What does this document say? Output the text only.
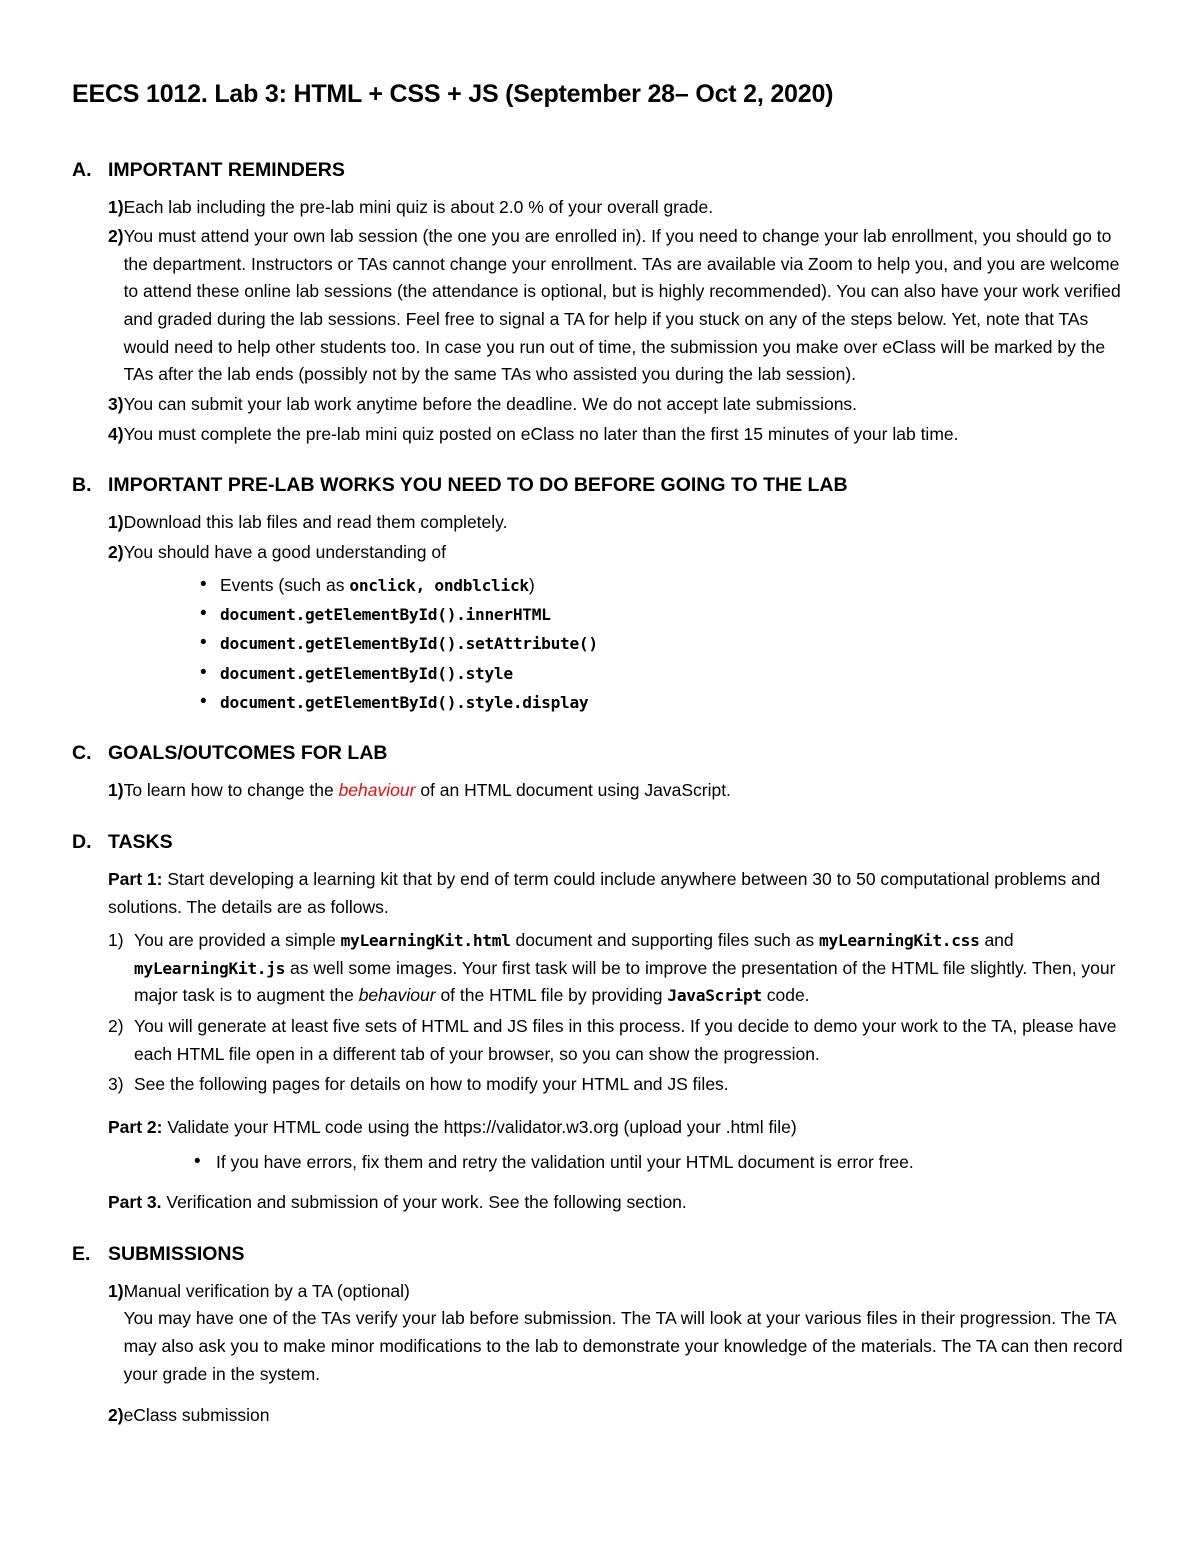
EECS 1012. Lab 3: HTML + CSS + JS (September 28– Oct 2, 2020)
A. IMPORTANT REMINDERS
1) Each lab including the pre-lab mini quiz is about 2.0 % of your overall grade.
2) You must attend your own lab session (the one you are enrolled in). If you need to change your lab enrollment, you should go to the department. Instructors or TAs cannot change your enrollment. TAs are available via Zoom to help you, and you are welcome to attend these online lab sessions (the attendance is optional, but is highly recommended). You can also have your work verified and graded during the lab sessions. Feel free to signal a TA for help if you stuck on any of the steps below. Yet, note that TAs would need to help other students too. In case you run out of time, the submission you make over eClass will be marked by the TAs after the lab ends (possibly not by the same TAs who assisted you during the lab session).
3) You can submit your lab work anytime before the deadline. We do not accept late submissions.
4) You must complete the pre-lab mini quiz posted on eClass no later than the first 15 minutes of your lab time.
B. IMPORTANT PRE-LAB WORKS YOU NEED TO DO BEFORE GOING TO THE LAB
1) Download this lab files and read them completely.
2) You should have a good understanding of
• Events (such as onclick, ondblclick)
• document.getElementById().innerHTML
• document.getElementById().setAttribute()
• document.getElementById().style
• document.getElementById().style.display
C. GOALS/OUTCOMES FOR LAB
1) To learn how to change the behaviour of an HTML document using JavaScript.
D. TASKS

Part 1: Start developing a learning kit that by end of term could include anywhere between 30 to 50 computational problems and solutions. The details are as follows.

1) You are provided a simple myLearningKit.html document and supporting files such as myLearningKit.css and myLearningKit.js as well some images. Your first task will be to improve the presentation of the HTML file slightly. Then, your major task is to augment the behaviour of the HTML file by providing JavaScript code.
2) You will generate at least five sets of HTML and JS files in this process. If you decide to demo your work to the TA, please have each HTML file open in a different tab of your browser, so you can show the progression.
3) See the following pages for details on how to modify your HTML and JS files.

Part 2: Validate your HTML code using the https://validator.w3.org (upload your .html file)

• If you have errors, fix them and retry the validation until your HTML document is error free.

Part 3. Verification and submission of your work. See the following section.

E. SUBMISSIONS
1) Manual verification by a TA (optional)
You may have one of the TAs verify your lab before submission. The TA will look at your various files in their progression. The TA may also ask you to make minor modifications to the lab to demonstrate your knowledge of the materials. The TA can then record your grade in the system.
2) eClass submission
